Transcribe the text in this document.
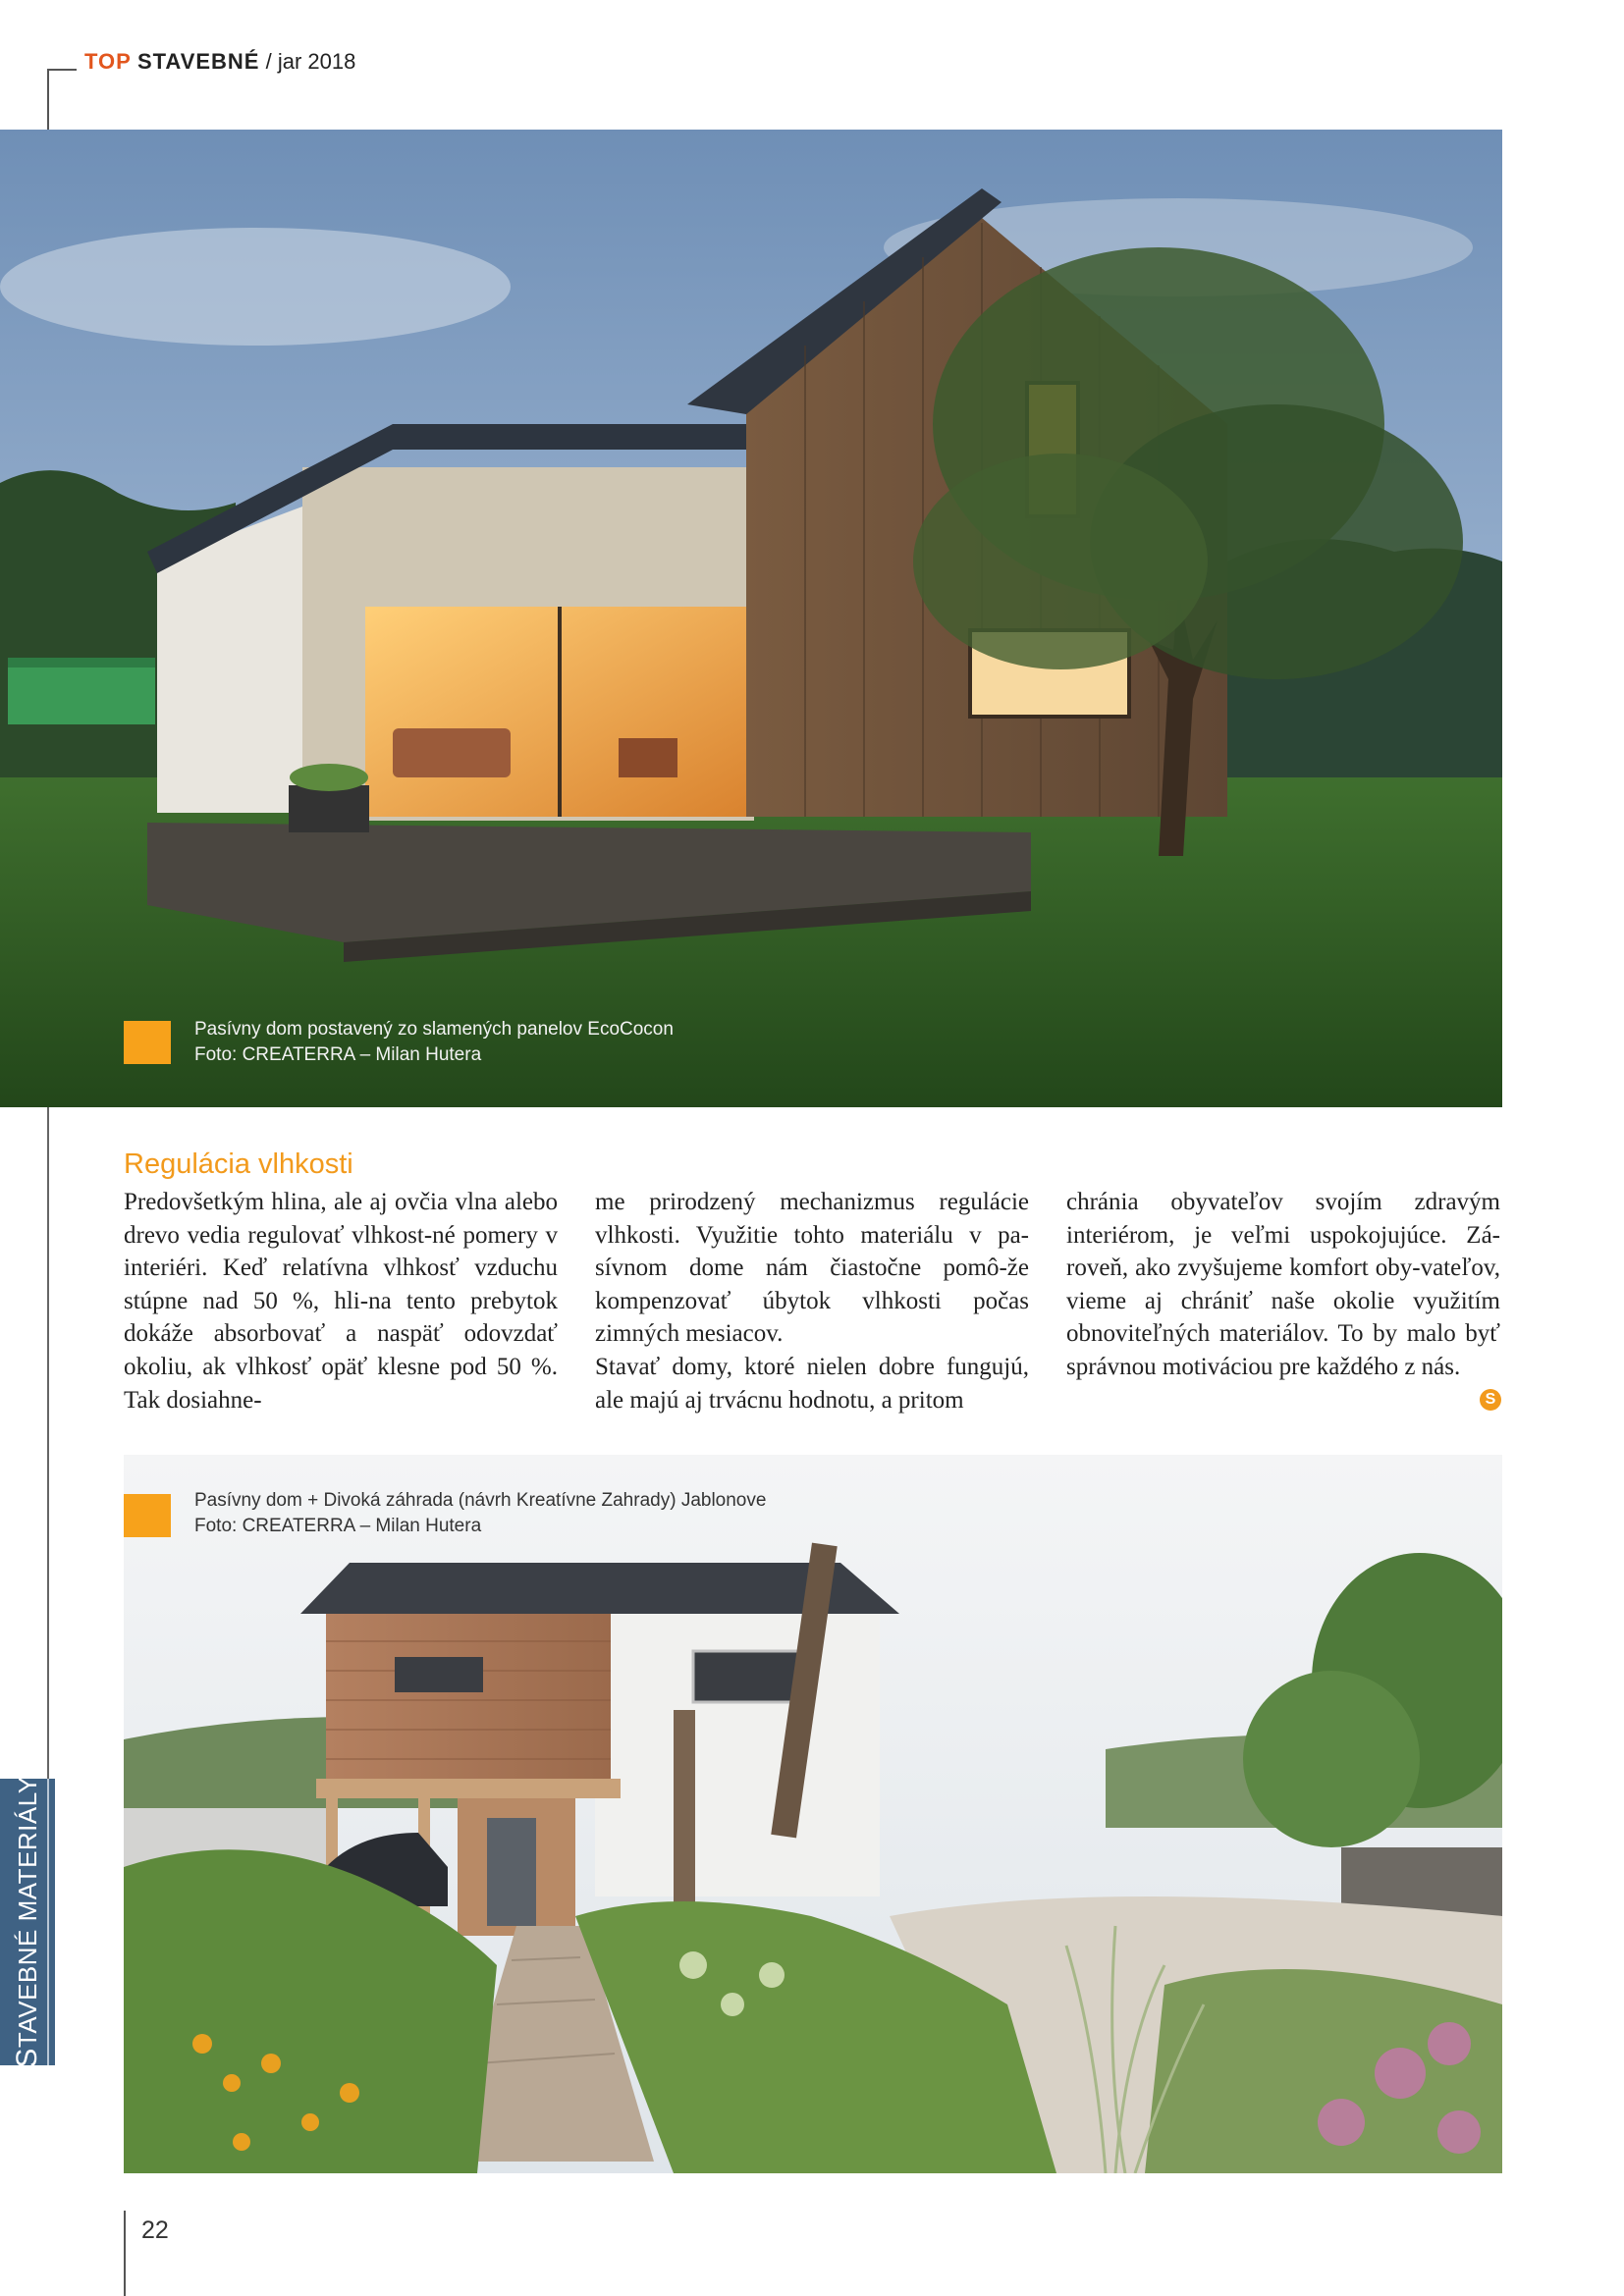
TOP STAVEBNÉ / jar 2018
Pasívny dom postavený zo slamených panelov EcoCocon
Foto: CREATERRA – Milan Hutera
Regulácia vlhkosti

Predovšetkým hlina, ale aj ovčia vlna alebo drevo vedia regulovať vlhkost-né pomery v interiéri. Keď relatívna vlhkosť vzduchu stúpne nad 50 %, hli-na tento prebytok dokáže absorbovať a naspäť odovzdať okoliu, ak vlhkosť opäť klesne pod 50 %. Tak dosiahne-

me prirodzený mechanizmus regulácie vlhkosti. Využitie tohto materiálu v pa-sívnom dome nám čiastočne pomô-že kompenzovať úbytok vlhkosti počas zimných mesiacov.

Stavať domy, ktoré nielen dobre fungujú, ale majú aj trvácnu hodnotu, a pritom

chránia obyvateľov svojím zdravým interiérom, je veľmi uspokojujúce. Zá-roveň, ako zvyšujeme komfort oby-vateľov, vieme aj chrániť naše okolie využitím obnoviteľných materiálov. To by malo byť správnou motiváciou pre každého z nás.

S
Pasívny dom + Divoká záhrada (návrh Kreatívne Zahrady) Jablonove
Foto: CREATERRA – Milan Hutera
STAVEBNÉ MATERIÁLY
22
